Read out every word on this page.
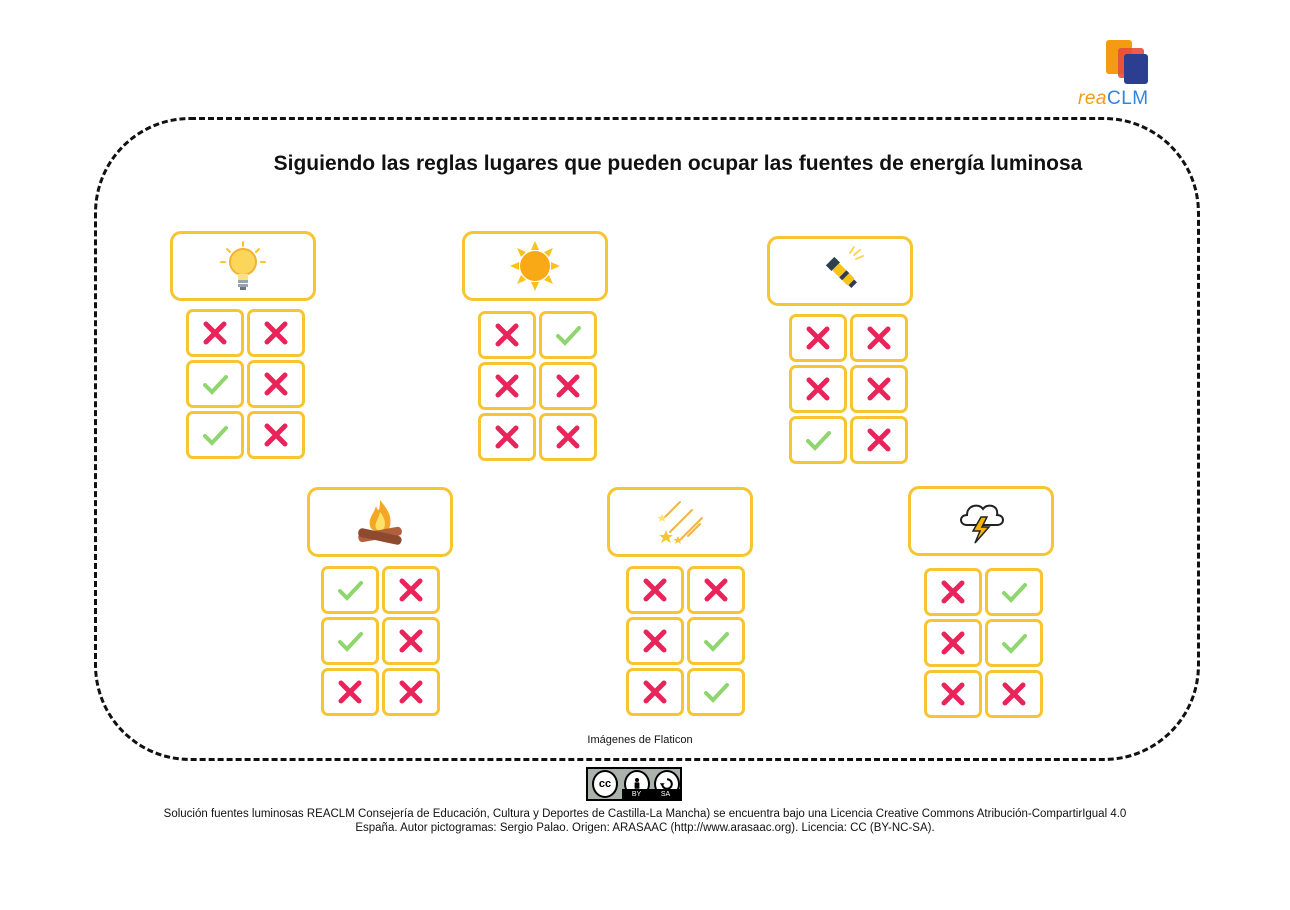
reaCLM
Siguiendo las reglas lugares que pueden ocupar las fuentes de energía luminosa
Imágenes de Flaticon
cc
BY	SA
Solución fuentes luminosas REACLM Consejería de Educación, Cultura y Deportes de Castilla-La Mancha) se encuentra bajo una Licencia Creative Commons Atribución-CompartirIgual 4.0
España. Autor pictogramas: Sergio Palao. Origen: ARASAAC (http://www.arasaac.org). Licencia: CC (BY-NC-SA).
